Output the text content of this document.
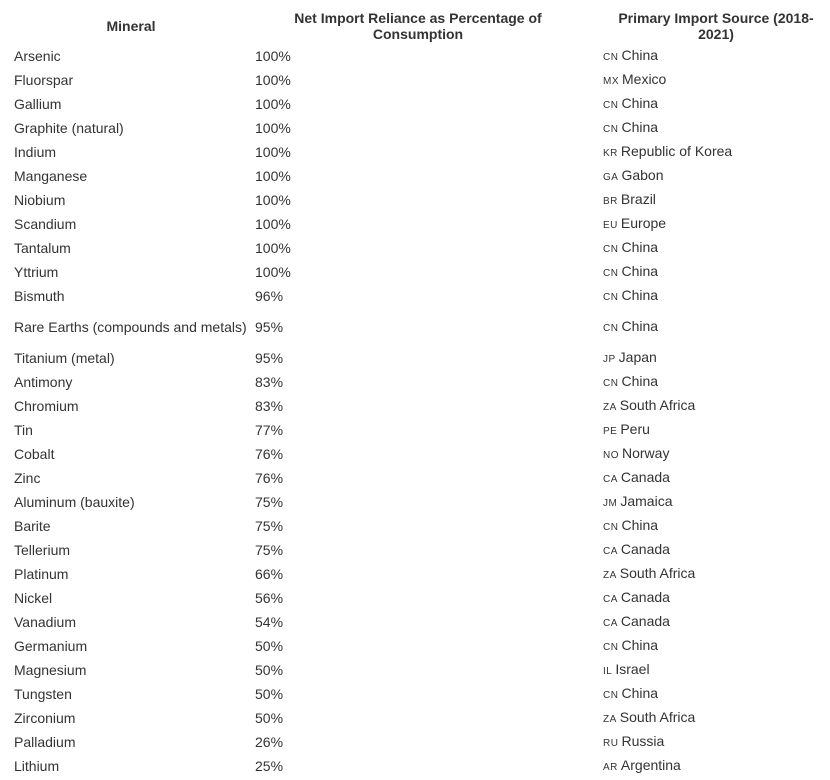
Mineral	Net Import Reliance as Percentage of Consumption	Primary Import Source (2018-2021)
Arsenic	100%	CN China
Fluorspar	100%	MX Mexico
Gallium	100%	CN China
Graphite (natural)	100%	CN China
Indium	100%	KR Republic of Korea
Manganese	100%	GA Gabon
Niobium	100%	BR Brazil
Scandium	100%	EU Europe
Tantalum	100%	CN China
Yttrium	100%	CN China
Bismuth	96%	CN China
Rare Earths (compounds and metals)	95%	CN China
Titanium (metal)	95%	JP Japan
Antimony	83%	CN China
Chromium	83%	ZA South Africa
Tin	77%	PE Peru
Cobalt	76%	NO Norway
Zinc	76%	CA Canada
Aluminum (bauxite)	75%	JM Jamaica
Barite	75%	CN China
Tellerium	75%	CA Canada
Platinum	66%	ZA South Africa
Nickel	56%	CA Canada
Vanadium	54%	CA Canada
Germanium	50%	CN China
Magnesium	50%	IL Israel
Tungsten	50%	CN China
Zirconium	50%	ZA South Africa
Palladium	26%	RU Russia
Lithium	25%	AR Argentina
